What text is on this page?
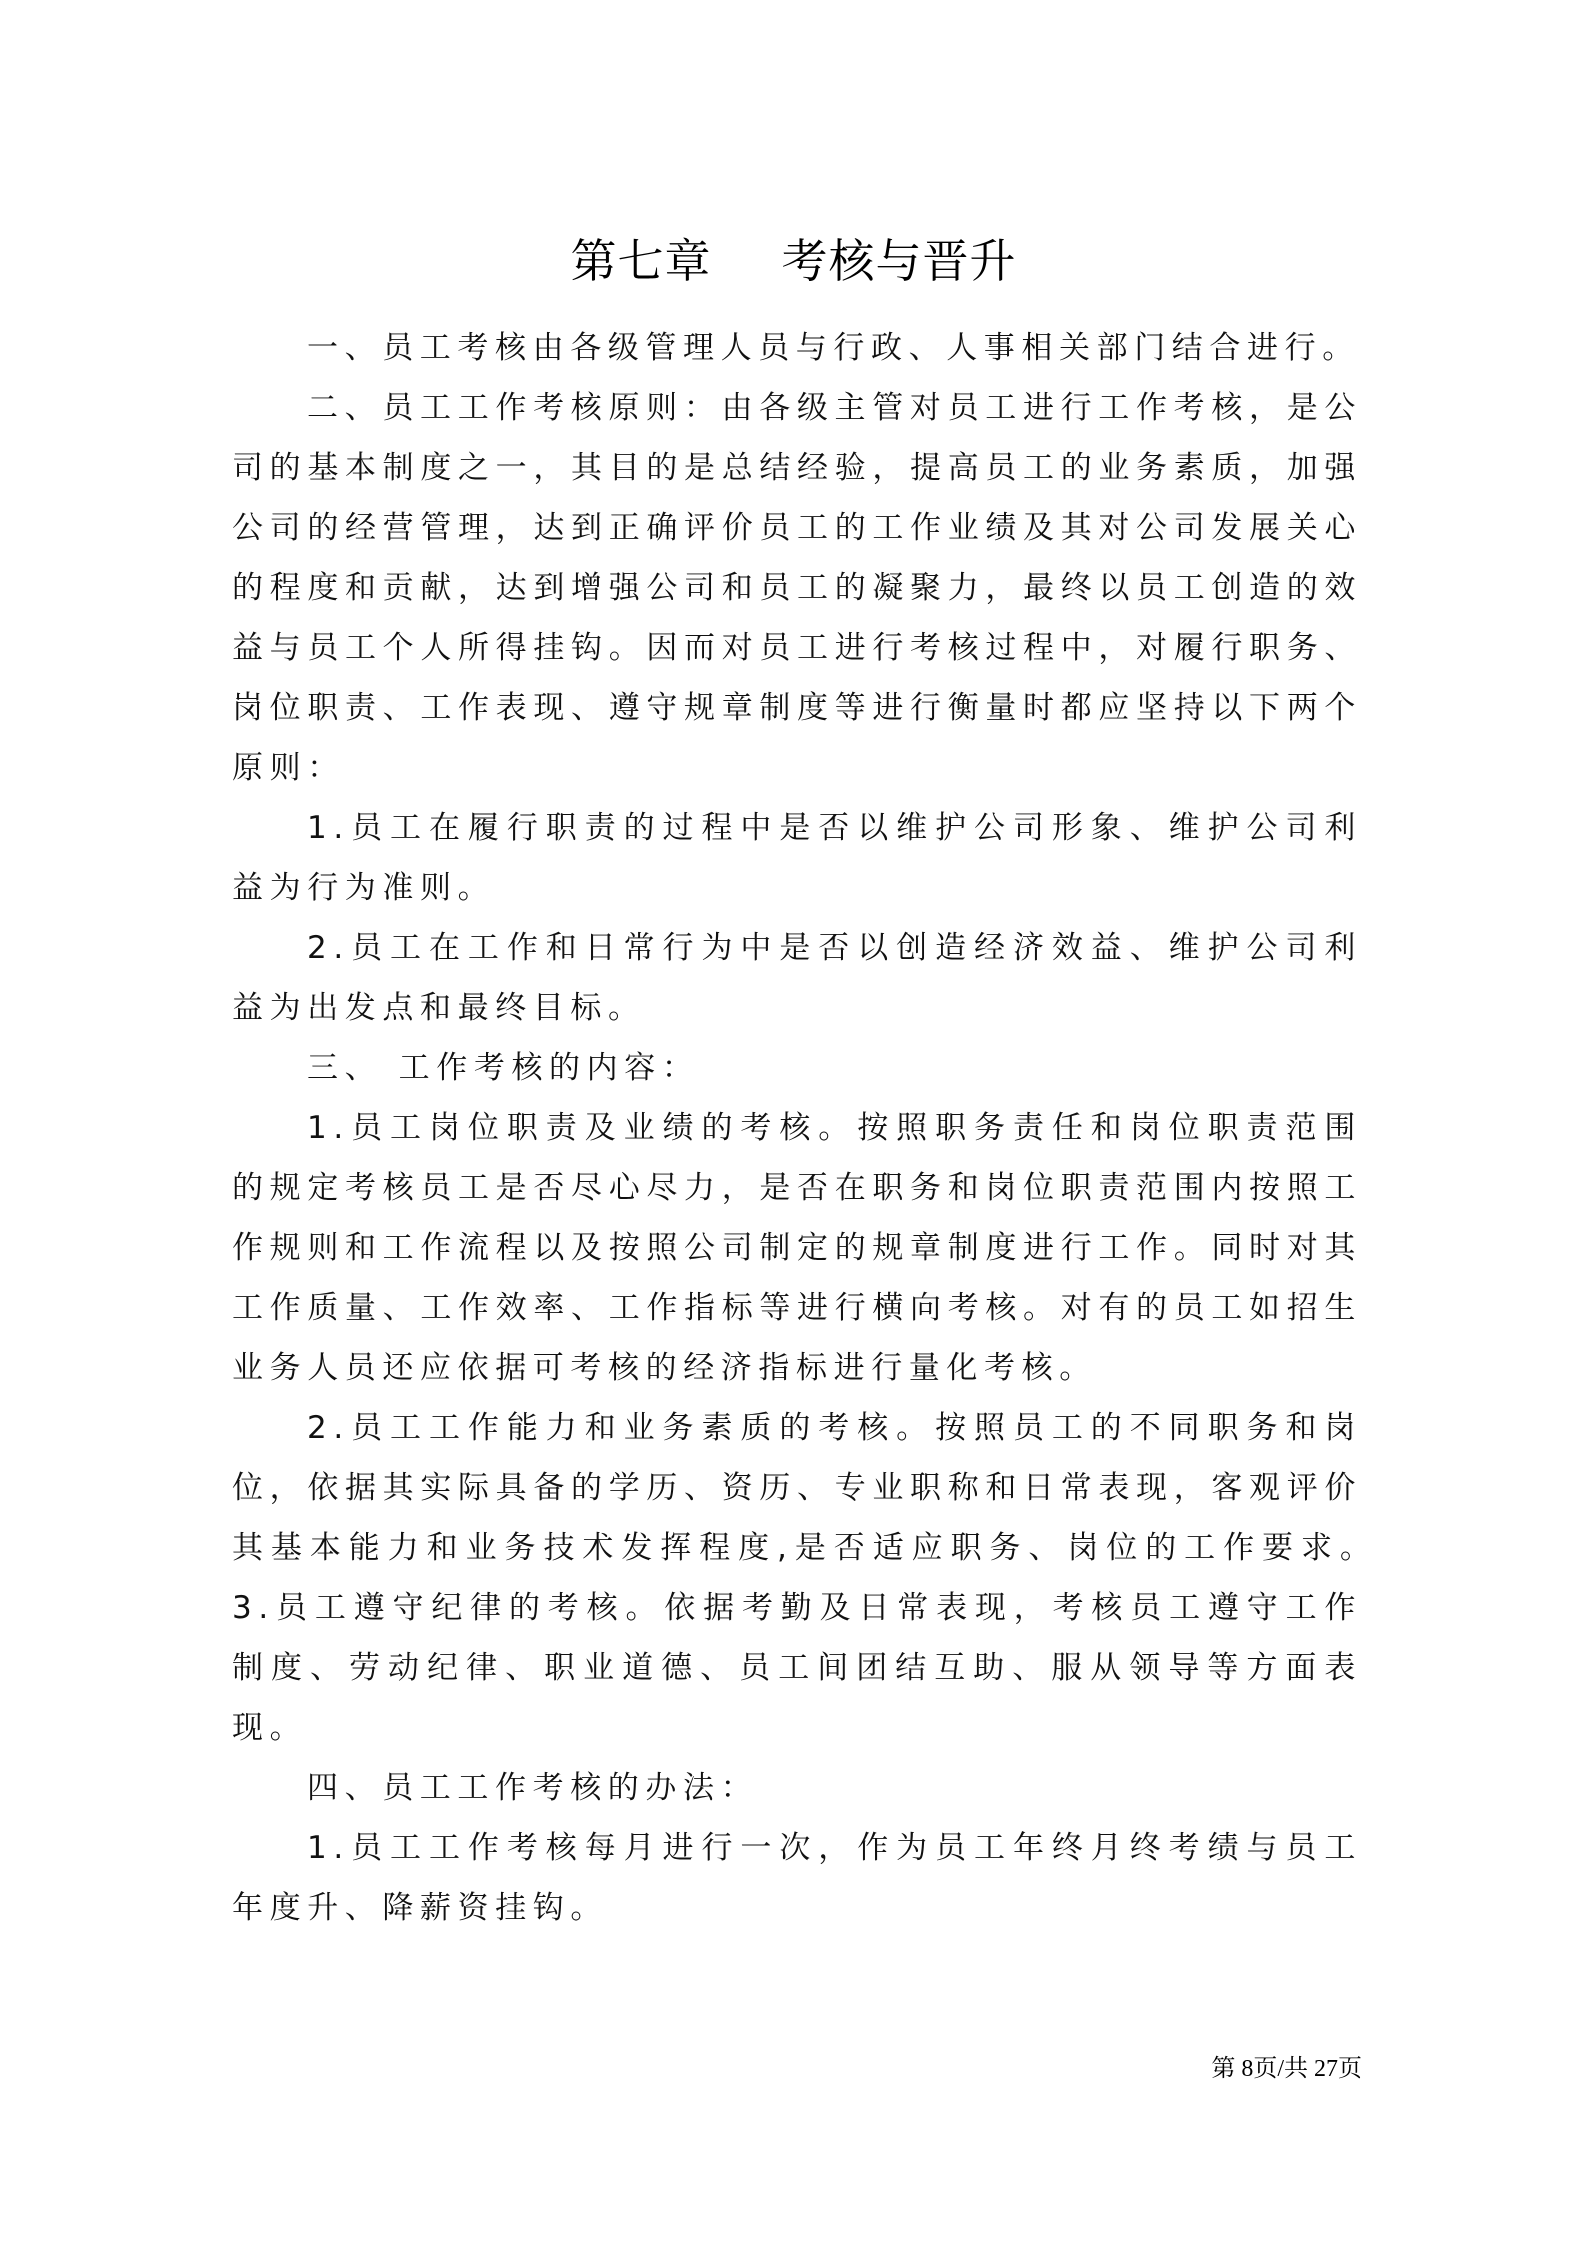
第七章 考核与晋升

一、员工考核由各级管理人员与行政、人事相关部门结合进行。

二、员工工作考核原则：由各级主管对员工进行工作考核，是公司的基本制度之一，其目的是总结经验，提高员工的业务素质，加强公司的经营管理，达到正确评价员工的工作业绩及其对公司发展关心的程度和贡献，达到增强公司和员工的凝聚力，最终以员工创造的效益与员工个人所得挂钩。因而对员工进行考核过程中，对履行职务、岗位职责、工作表现、遵守规章制度等进行衡量时都应坚持以下两个原则：

1.员工在履行职责的过程中是否以维护公司形象、维护公司利益为行为准则。

2.员工在工作和日常行为中是否以创造经济效益、维护公司利益为出发点和最终目标。

三、 工作考核的内容：

1.员工岗位职责及业绩的考核。按照职务责任和岗位职责范围的规定考核员工是否尽心尽力，是否在职务和岗位职责范围内按照工作规则和工作流程以及按照公司制定的规章制度进行工作。同时对其工作质量、工作效率、工作指标等进行横向考核。对有的员工如招生业务人员还应依据可考核的经济指标进行量化考核。

2.员工工作能力和业务素质的考核。按照员工的不同职务和岗位，依据其实际具备的学历、资历、专业职称和日常表现，客观评价其基本能力和业务技术发挥程度,是否适应职务、岗位的工作要求。　　3.员工遵守纪律的考核。依据考勤及日常表现，考核员工遵守工作制度、劳动纪律、职业道德、员工间团结互助、服从领导等方面表现。

四、员工工作考核的办法：

1.员工工作考核每月进行一次，作为员工年终月终考绩与员工年度升、降薪资挂钩。

第 8页/共 27页
